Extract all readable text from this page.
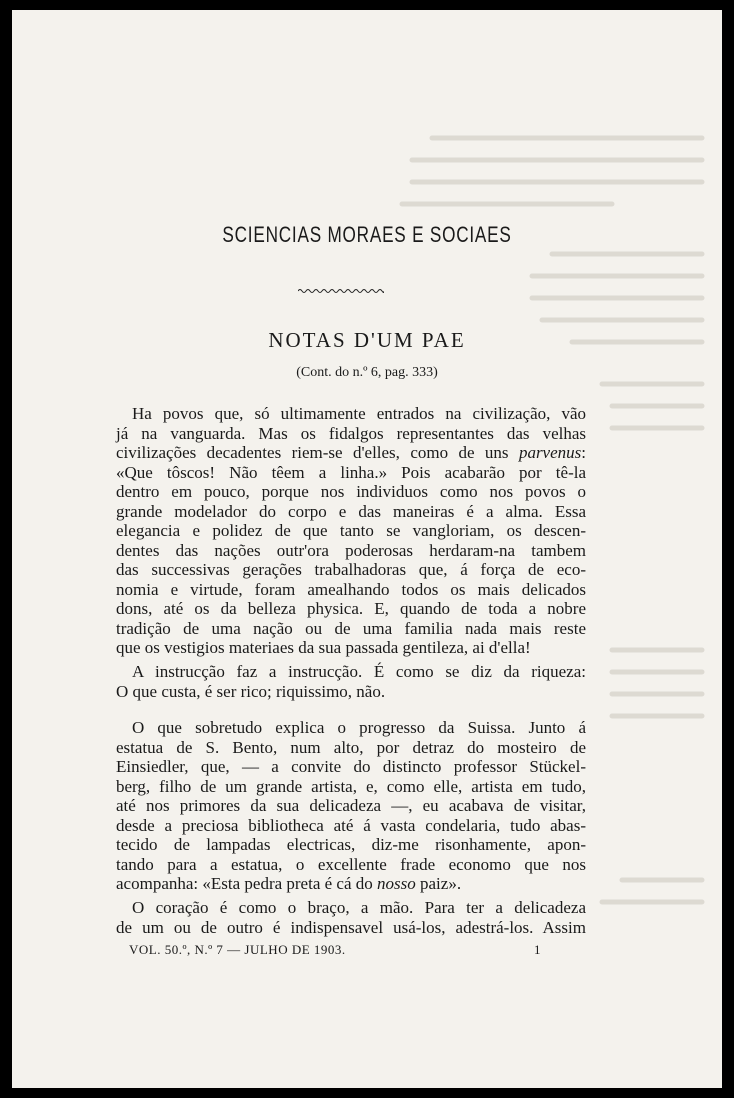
SCIENCIAS MORAES E SOCIAES
NOTAS D'UM PAE
(Cont. do n.º 6, pag. 333)
Ha povos que, só ultimamente entrados na civilização, vão
já na vanguarda. Mas os fidalgos representantes das velhas
civilizações decadentes riem-se d'elles, como de uns parvenus:
«Que tôscos! Não têem a linha.» Pois acabarão por tê-la
dentro em pouco, porque nos individuos como nos povos o
grande modelador do corpo e das maneiras é a alma. Essa
elegancia e polidez de que tanto se vangloriam, os descen-
dentes das nações outr'ora poderosas herdaram-na tambem
das successivas gerações trabalhadoras que, á força de eco-
nomia e virtude, foram amealhando todos os mais delicados
dons, até os da belleza physica. E, quando de toda a nobre
tradição de uma nação ou de uma familia nada mais reste
que os vestigios materiaes da sua passada gentileza, ai d'ella!
A instrucção faz a instrucção. É como se diz da riqueza:
O que custa, é ser rico; riquissimo, não.
O que sobretudo explica o progresso da Suissa. Junto á
estatua de S. Bento, num alto, por detraz do mosteiro de
Einsiedler, que, — a convite do distincto professor Stückel-
berg, filho de um grande artista, e, como elle, artista em tudo,
até nos primores da sua delicadeza —, eu acabava de visitar,
desde a preciosa bibliotheca até á vasta condelaria, tudo abas-
tecido de lampadas electricas, diz-me risonhamente, apon-
tando para a estatua, o excellente frade economo que nos
acompanha: «Esta pedra preta é cá do nosso paiz».
O coração é como o braço, a mão. Para ter a delicadeza
de um ou de outro é indispensavel usá-los, adestrá-los. Assim
VOL. 50.º, N.º 7 — JULHO DE 1903.	1
